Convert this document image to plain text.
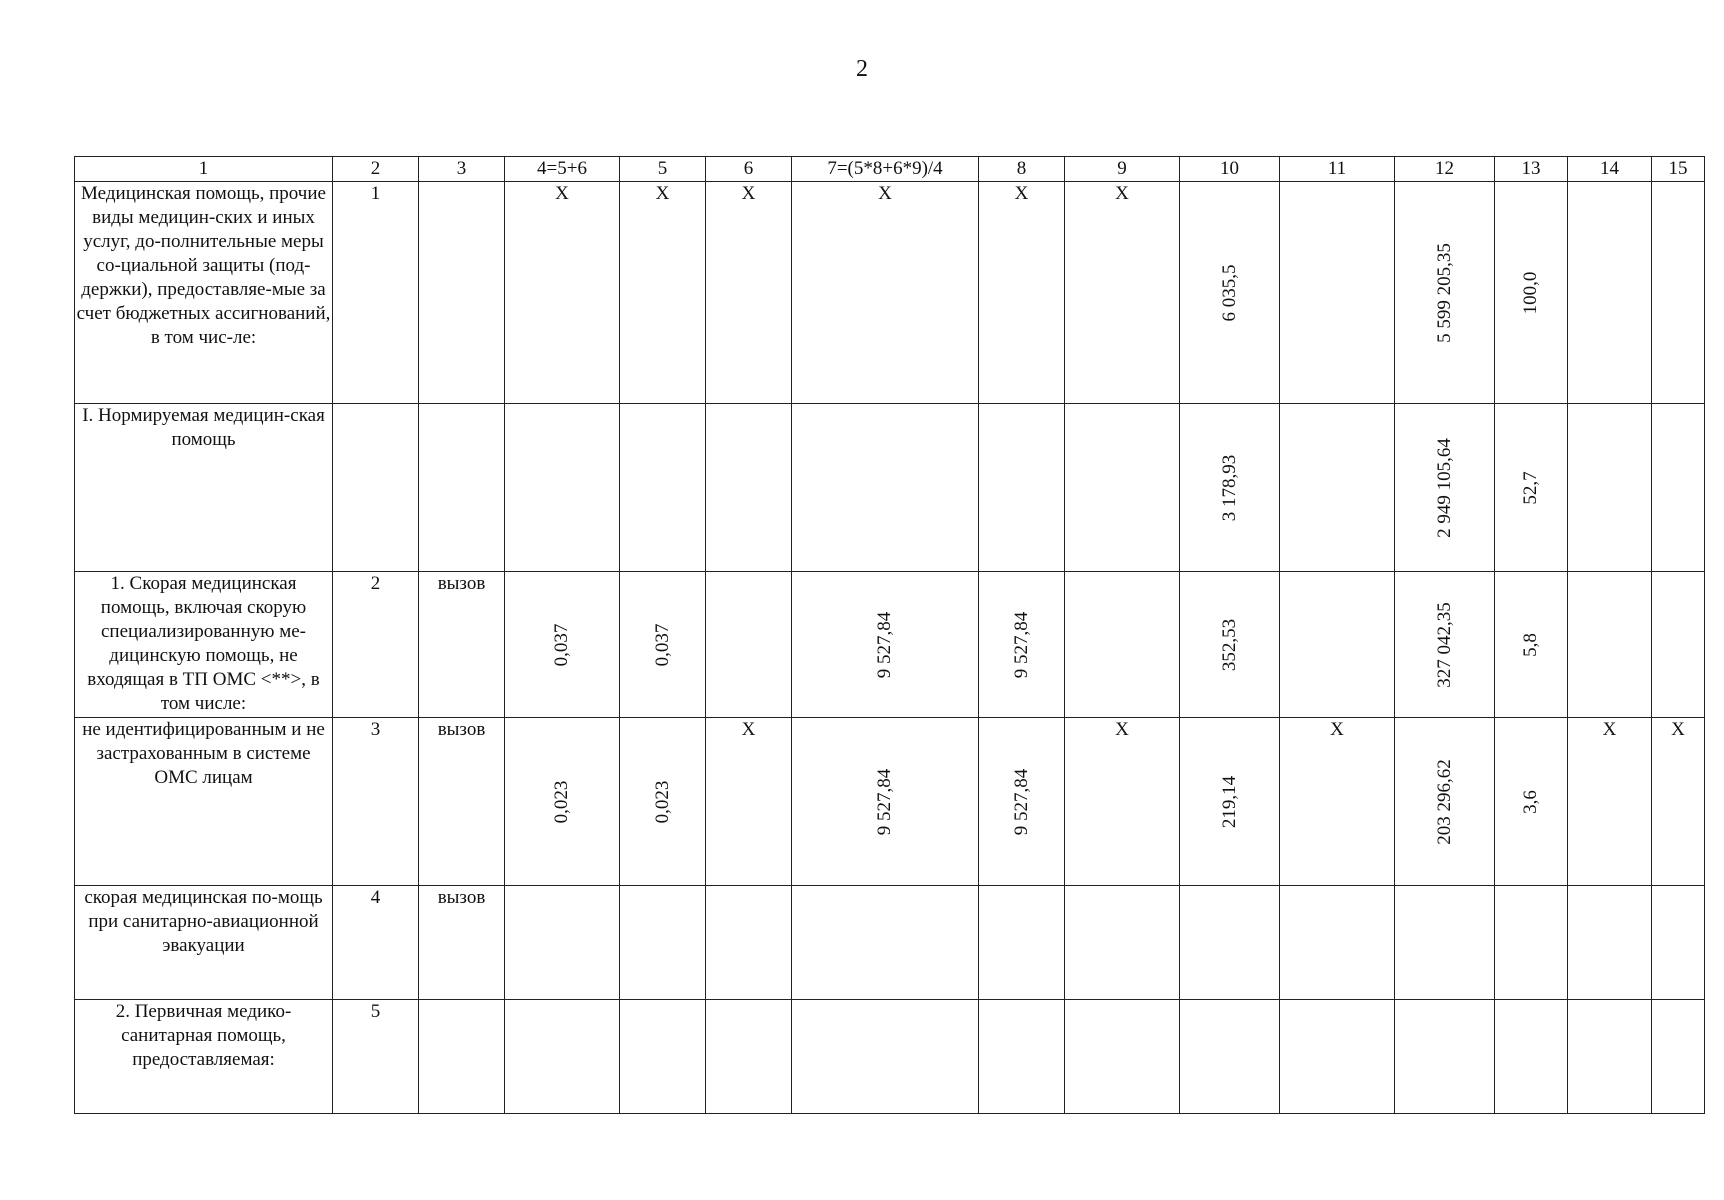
2
1	2	3	4=5+6	5	6	7=(5*8+6*9)/4	8	9	10	11	12	13	14	15
Медицинская помощь, прочие виды медицин-ских и иных услуг, до-полнительные меры со-циальной защиты (под-держки), предоставляе-мые за счет бюджетных ассигнований, в том чис-ле:	1		X	X	X	X	X	X	6 035,5		5 599 205,35	100,0		

I. Нормируемая медицин-ская помощь									3 178,93		2 949 105,64	52,7		

1. Скорая медицинская помощь, включая скорую специализированную ме-дицинскую помощь, не входящая в ТП ОМС <**>, в том числе:	2	вызов	0,037	0,037		9 527,84	9 527,84		352,53		327 042,35	5,8		

не идентифицированным и не застрахованным в системе ОМС лицам	3	вызов	0,023	0,023	X	9 527,84	9 527,84	X	219,14	X	203 296,62	3,6	X	X
скорая медицинская по-мощь при санитарно-авиационной эвакуации	4	вызов												
2. Первичная медико-санитарная помощь, предоставляемая:	5													
